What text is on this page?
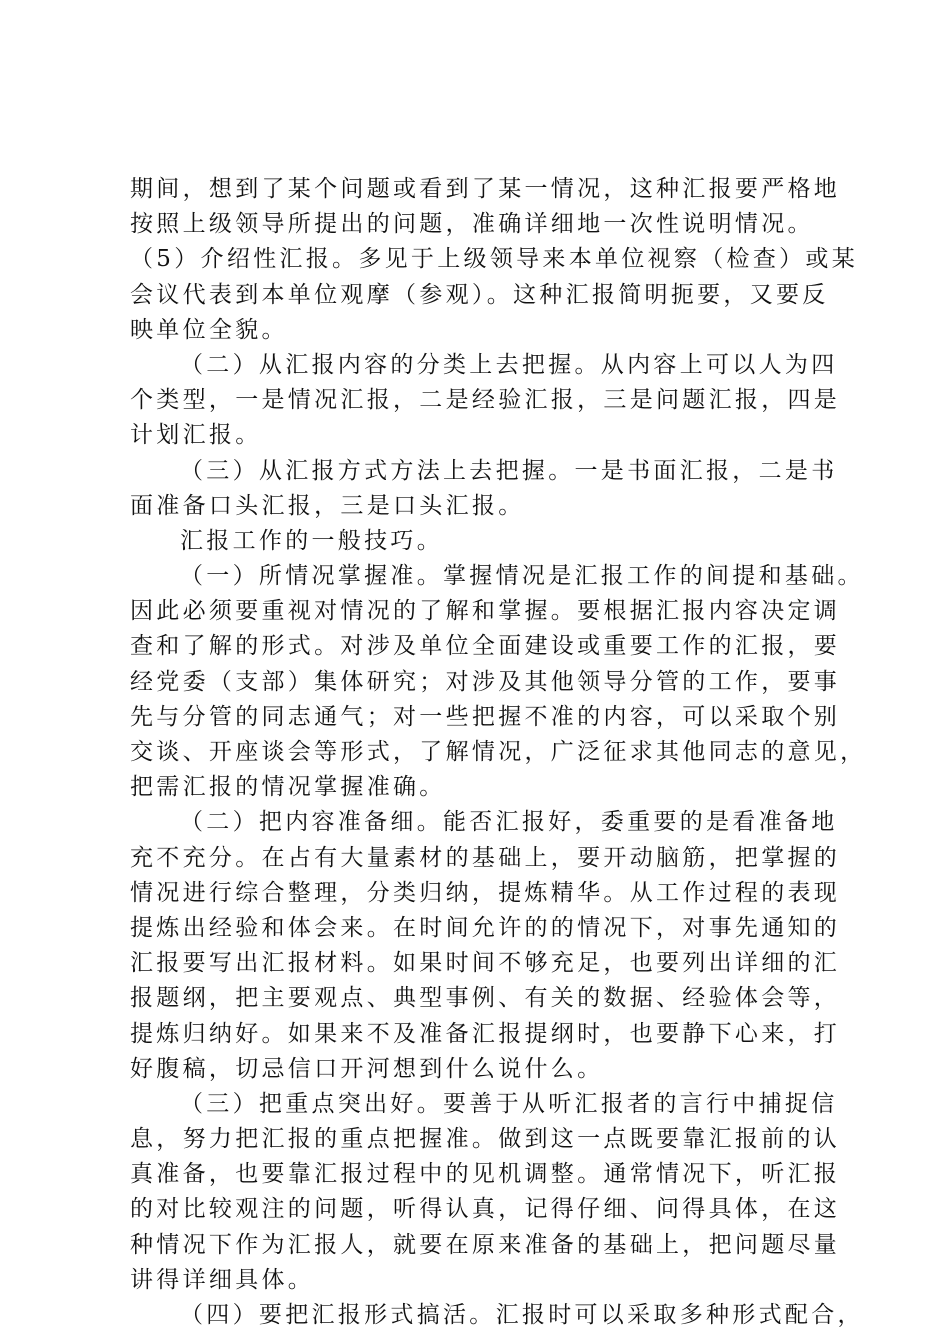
期间，想到了某个问题或看到了某一情况，这种汇报要严格地
按照上级领导所提出的问题，准确详细地一次性说明情况。
（5）介绍性汇报。多见于上级领导来本单位视察（检查）或某
会议代表到本单位观摩（参观）。这种汇报简明扼要，又要反
映单位全貌。
（二）从汇报内容的分类上去把握。从内容上可以人为四
个类型，一是情况汇报，二是经验汇报，三是问题汇报，四是
计划汇报。
（三）从汇报方式方法上去把握。一是书面汇报，二是书
面准备口头汇报，三是口头汇报。
汇报工作的一般技巧。
（一）所情况掌握准。掌握情况是汇报工作的间提和基础。
因此必须要重视对情况的了解和掌握。要根据汇报内容决定调
查和了解的形式。对涉及单位全面建设或重要工作的汇报，要
经党委（支部）集体研究；对涉及其他领导分管的工作，要事
先与分管的同志通气；对一些把握不准的内容，可以采取个别
交谈、开座谈会等形式，了解情况，广泛征求其他同志的意见，
把需汇报的情况掌握准确。
（二）把内容准备细。能否汇报好，委重要的是看准备地
充不充分。在占有大量素材的基础上，要开动脑筋，把掌握的
情况进行综合整理，分类归纳，提炼精华。从工作过程的表现
提炼出经验和体会来。在时间允许的的情况下，对事先通知的
汇报要写出汇报材料。如果时间不够充足，也要列出详细的汇
报题纲，把主要观点、典型事例、有关的数据、经验体会等，
提炼归纳好。如果来不及准备汇报提纲时，也要静下心来，打
好腹稿，切忌信口开河想到什么说什么。
（三）把重点突出好。要善于从听汇报者的言行中捕捉信
息，努力把汇报的重点把握准。做到这一点既要靠汇报前的认
真准备，也要靠汇报过程中的见机调整。通常情况下，听汇报
的对比较观注的问题，听得认真，记得仔细、问得具体，在这
种情况下作为汇报人，就要在原来准备的基础上，把问题尽量
讲得详细具体。
（四）要把汇报形式搞活。汇报时可以采取多种形式配合，
